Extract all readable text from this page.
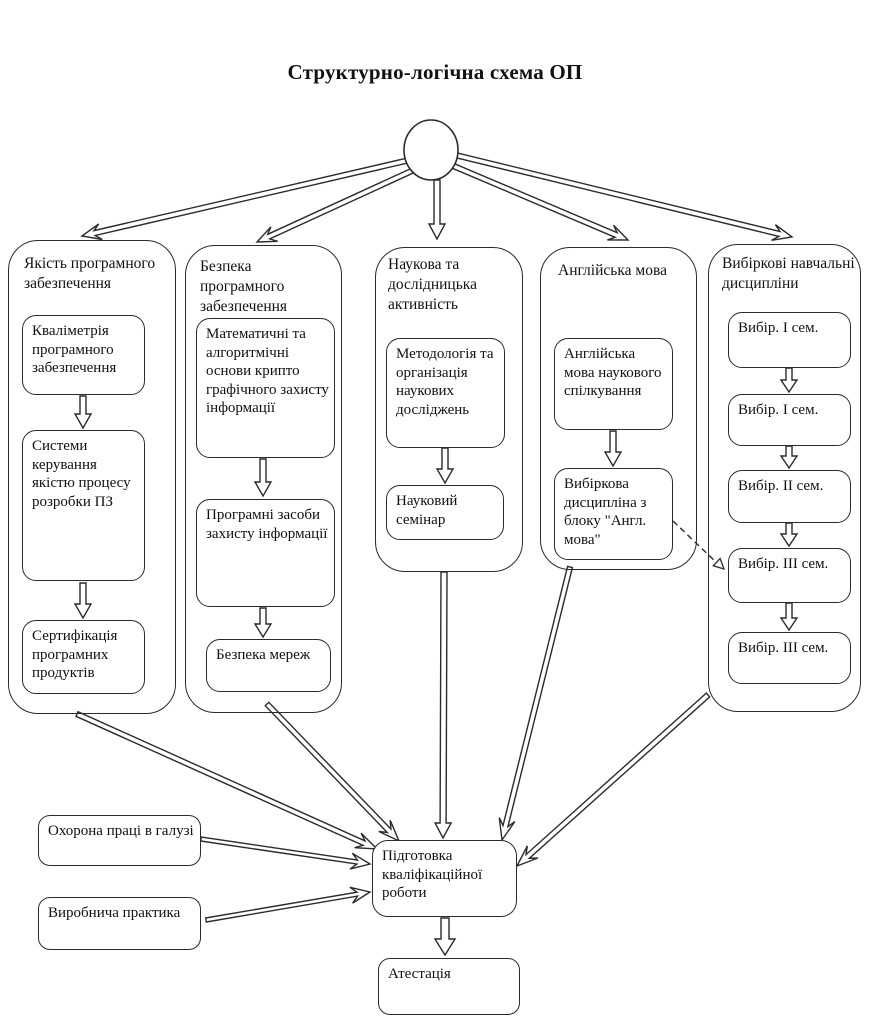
Структурно-логічна схема ОП
Якість програмного забезпечення
Безпека програмного забезпечення
Наукова та дослідницька активність
Англійська мова	Вибіркові навчальні дисципліни
Кваліметрія програмного забезпечення
Системи керування якістю процесу розробки ПЗ
Сертифікація програмних продуктів
Математичні та алгоритмічні основи крипто графічного захисту інформації
Програмні засоби захисту інформації
Безпека мереж
Методологія та організація наукових досліджень
Науковий семінар
Англійська мова наукового спілкування
Вибіркова дисципліна з блоку "Англ. мова"
Вибір. I сем.
Вибір. I сем.
Вибір. II сем.
Вибір. III сем.
Вибір. III сем.
Охорона праці в галузі
Виробнича практика
Підготовка кваліфікаційної роботи
Атестація
